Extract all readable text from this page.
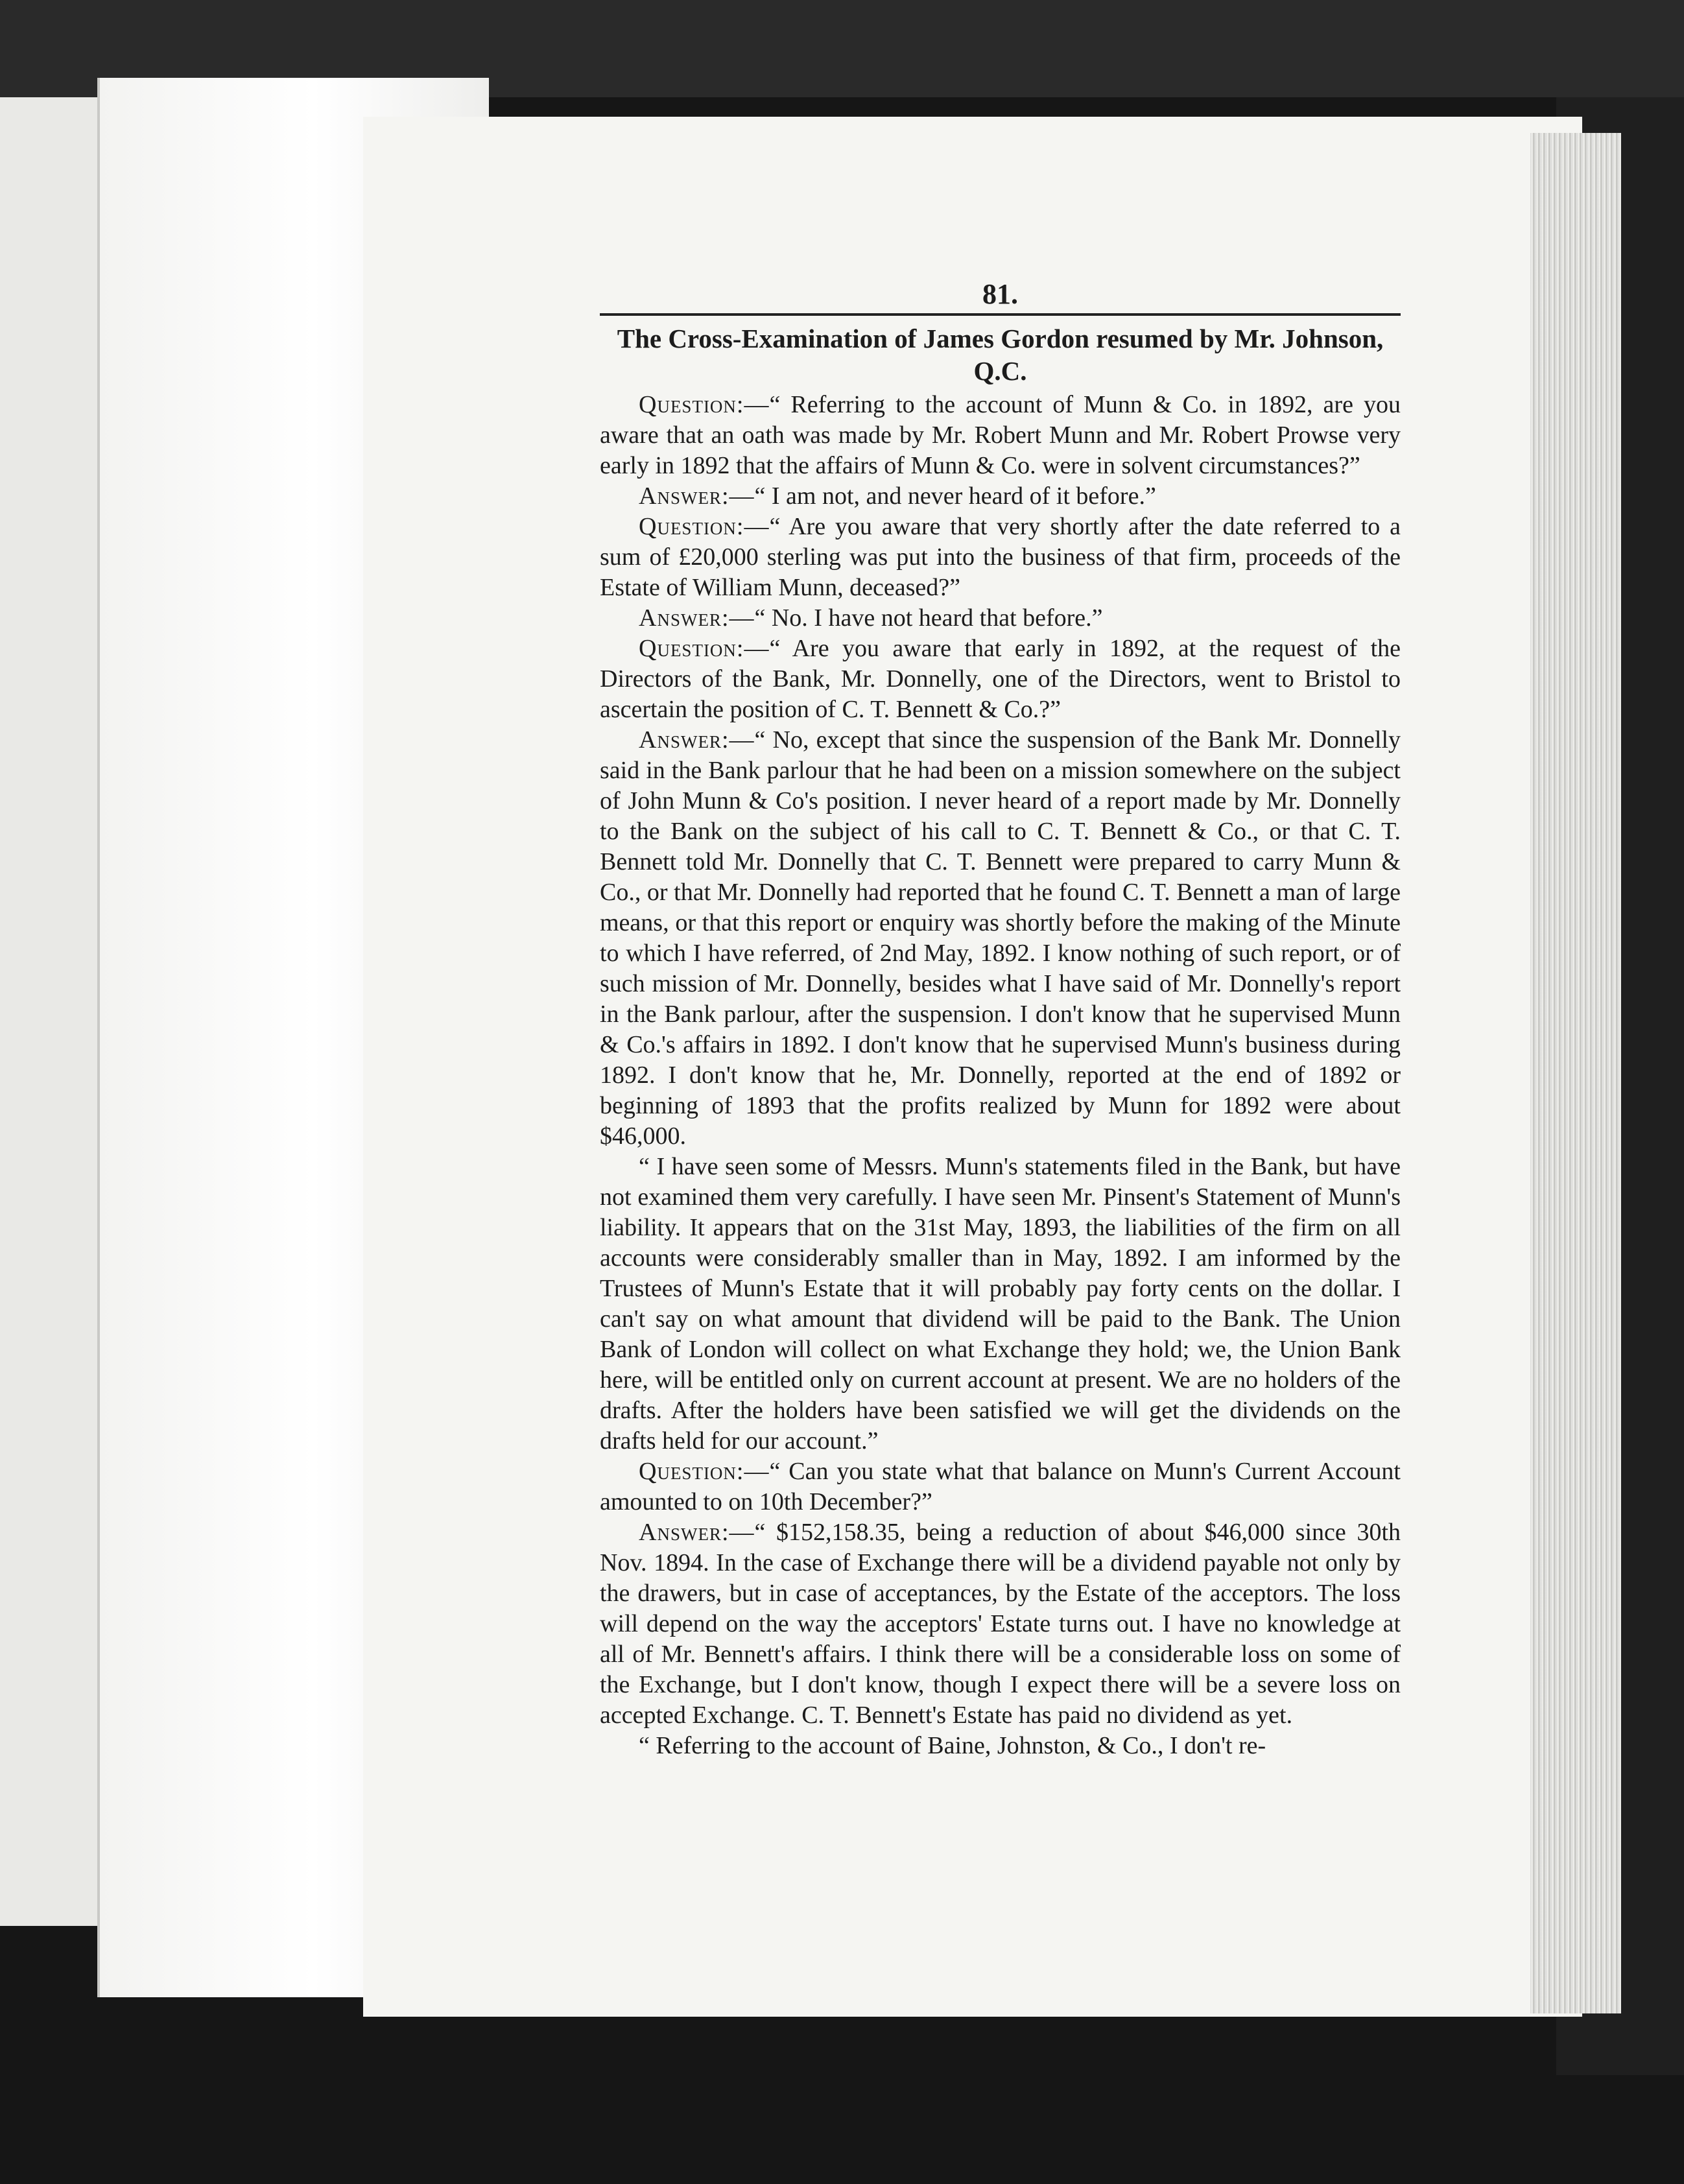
81.
The Cross-Examination of James Gordon resumed by Mr. Johnson, Q.C.

Question:—“ Referring to the account of Munn & Co. in 1892, are you aware that an oath was made by Mr. Robert Munn and Mr. Robert Prowse very early in 1892 that the affairs of Munn & Co. were in solvent circumstances?”

Answer:—“ I am not, and never heard of it before.”

Question:—“ Are you aware that very shortly after the date referred to a sum of £20,000 sterling was put into the business of that firm, proceeds of the Estate of William Munn, deceased?”

Answer:—“ No. I have not heard that before.”

Question:—“ Are you aware that early in 1892, at the request of the Directors of the Bank, Mr. Donnelly, one of the Directors, went to Bristol to ascertain the position of C. T. Bennett & Co.?”

Answer:—“ No, except that since the suspension of the Bank Mr. Donnelly said in the Bank parlour that he had been on a mission somewhere on the subject of John Munn & Co's position. I never heard of a report made by Mr. Donnelly to the Bank on the subject of his call to C. T. Bennett & Co., or that C. T. Bennett told Mr. Donnelly that C. T. Bennett were prepared to carry Munn & Co., or that Mr. Donnelly had reported that he found C. T. Bennett a man of large means, or that this report or enquiry was shortly before the making of the Minute to which I have referred, of 2nd May, 1892. I know nothing of such report, or of such mission of Mr. Donnelly, besides what I have said of Mr. Donnelly's report in the Bank parlour, after the suspension. I don't know that he supervised Munn & Co.'s affairs in 1892. I don't know that he supervised Munn's business during 1892. I don't know that he, Mr. Donnelly, reported at the end of 1892 or beginning of 1893 that the profits realized by Munn for 1892 were about $46,000.

“ I have seen some of Messrs. Munn's statements filed in the Bank, but have not examined them very carefully. I have seen Mr. Pinsent's Statement of Munn's liability. It appears that on the 31st May, 1893, the liabilities of the firm on all accounts were considerably smaller than in May, 1892. I am informed by the Trustees of Munn's Estate that it will probably pay forty cents on the dollar. I can't say on what amount that dividend will be paid to the Bank. The Union Bank of London will collect on what Exchange they hold; we, the Union Bank here, will be entitled only on current account at present. We are no holders of the drafts. After the holders have been satisfied we will get the dividends on the drafts held for our account.”

Question:—“ Can you state what that balance on Munn's Current Account amounted to on 10th December?”

Answer:—“ $152,158.35, being a reduction of about $46,000 since 30th Nov. 1894. In the case of Exchange there will be a dividend payable not only by the drawers, but in case of acceptances, by the Estate of the acceptors. The loss will depend on the way the acceptors' Estate turns out. I have no knowledge at all of Mr. Bennett's affairs. I think there will be a considerable loss on some of the Exchange, but I don't know, though I expect there will be a severe loss on accepted Exchange. C. T. Bennett's Estate has paid no dividend as yet.

“ Referring to the account of Baine, Johnston, & Co., I don't re-
